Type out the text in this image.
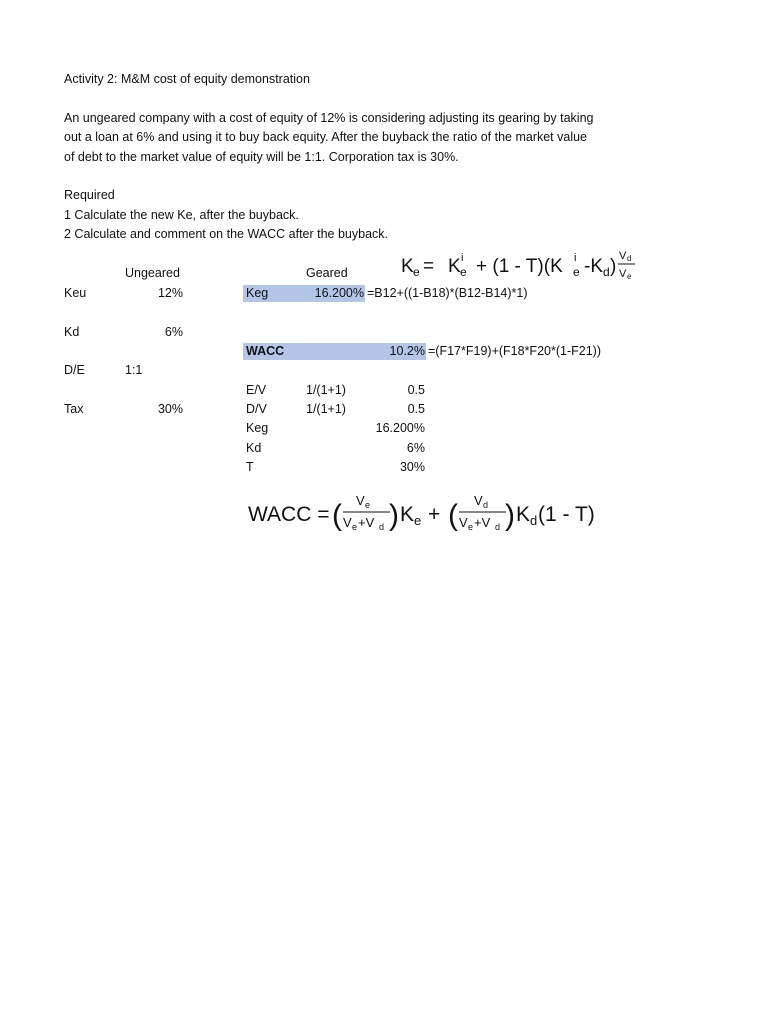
Activity 2: M&M cost of equity demonstration
An ungeared company with a cost of equity of 12% is considering adjusting its gearing by taking
out a loan at 6% and using it to buy back equity. After the buyback the ratio of the market value
of debt to the market value of equity will be 1:1. Corporation tax is 30%.
Required
1 Calculate the new Ke, after the buyback.
2 Calculate and comment on the WACC after the buyback.
K e = K e
i + (1 - T)(K e
i -K d ) V d
V e
Ungeared	Geared
Keu	12%
Kd	6%
D/E	1:1
Tax	30%
Keg	16.200% =B12+((1-B18)*(B12-B14)*1)
WACC	10.2% =(F17*F19)+(F18*F20*(1-F21))
E/V	1/(1+1)	0.5
D/V	1/(1+1)	0.5
Keg	16.200%
Kd	6%
T	30%
WACC = ( V e
V e +V d ) K e + ( V d
V e +V d ) K d (1 - T)
